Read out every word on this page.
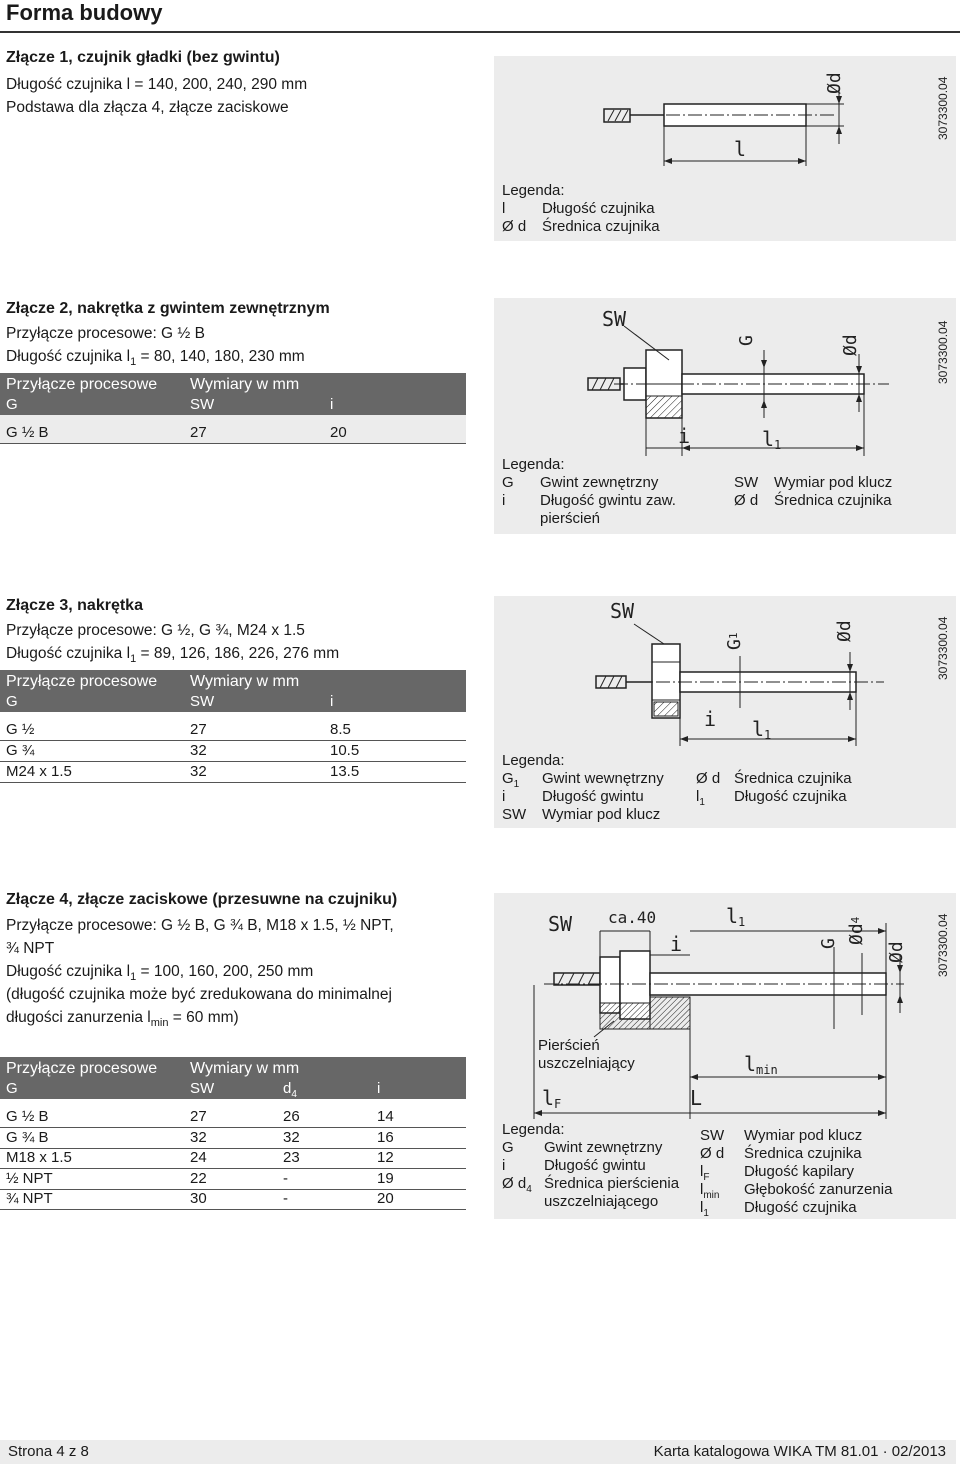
Forma budowy
Złącze 1, czujnik gładki (bez gwintu)
Długość czujnika l = 140, 200, 240, 290 mm
Podstawa dla złącza 4, złącze zaciskowe
l
Ød	3073300.04
Legenda:
l Długość czujnika
Ø d Średnica czujnika
Złącze 2, nakrętka z gwintem zewnętrznym
Przyłącze procesowe: G ½ B
Długość czujnika $l_1 = 80$, 140, 180, 230 mm
Przyłącze procesowe Wymiary w mm
G	SW	i
G ½ B	27	20
SW
G	Ød
i	l1
3073300.04
Legenda:
G Gwint zewnętrzny
i Długość gwintu zaw.
pierścień
SW Wymiar pod klucz
Ø d Średnica czujnika
Złącze 3, nakrętka
Przyłącze procesowe: G ½, G ¾, M24 x 1.5
Długość czujnika $l_1 = 89$, 126, 186, 226, 276 mm
Przyłącze procesowe Wymiary w mm
G	SW	i
G ½	27	8.5
G ¾	32	10.5
M24 x 1.5	32	13.5
SW
G1	Ød
i l1
3073300.04
Legenda:
$G_1$ Gwint wewnętrzny
i Długość gwintu
SW Wymiar pod klucz
Ø d Średnica czujnika
$l_1$ Długość czujnika
Złącze 4, złącze zaciskowe (przesuwne na czujniku)
Przyłącze procesowe: G ½ B, G ¾ B, M18 x 1.5, ½ NPT,
¾ NPT
Długość czujnika $l_1 = 100$, 160, 200, 250 mm
(długość czujnika może być zredukowana do minimalnej
długości zanurzenia $l_{min} = 60$ mm)
Przyłącze procesowe Wymiary w mm
G	SW	$d_4$	i
G ½ B	27	26	14
G ¾ B	32	32	16
M18 x 1.5	24	23	12
½ NPT	22	-	19
¾ NPT	30	-	20
SW ca.40	l1
i	G Ød4
Ød
lmin
lF	L
3073300.04
Pierścień
uszczelniający
Legenda:
G Gwint zewnętrzny
i	Długość gwintu
Ø $d_4$ Średnica pierścienia
uszczelniającego
SW Wymiar pod klucz
Ø d Średnica czujnika
$l_F$ Długość kapilary
$l_{min}$ Głębokość zanurzenia
$l_1$ Długość czujnika
Strona 4 z 8	Karta katalogowa WIKA TM 81.01 · 02/2013
